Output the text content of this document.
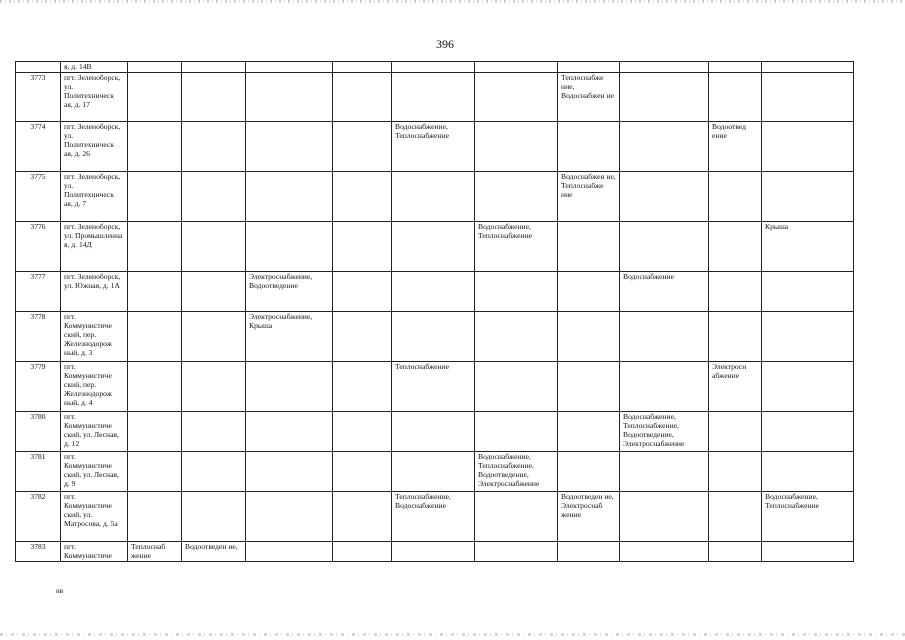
396
	я, д. 14В										
3773	пгт. Зеленоборск, ул. Политехническ ая, д. 17							Теплоснабже ние, Водоснабжен ие			
3774	пгт. Зеленоборск, ул. Политехническ ая, д. 26					Водоснабжение, Теплоснабжение				Водоотвед ение	
3775	пгт. Зеленоборск, ул. Политехническ ая, д. 7							Водоснабжен ие, Теплоснабже ние			
3776	пгт. Зеленоборск, ул. Промышленна я, д. 14Д						Водоснабжение, Теплоснабжение				Крыша
3777	пгт. Зеленоборск, ул. Южная, д. 1А			Электроснабжение, Водоотведение					Водоснабжение		
3778	пгт. Коммунистиче ский, пер. Железнодорож ный, д. 3			Электроснабжение, Крыша							
3779	пгт. Коммунистиче ский, пер. Железнодорож ный, д. 4					Теплоснабжение				Электросн абжение	
3780	пгт. Коммунистиче ский, ул. Лесная, д. 12								Водоснабжение, Теплоснабжение, Водоотведение, Электроснабжение		
3781	пгт. Коммунистиче ский, ул. Лесная, д. 9						Водоснабжение, Теплоснабжение, Водоотведение, Электроснабжение				
3782	пгт. Коммунистиче ский, ул. Матросова, д. 5а					Теплоснабжение, Водоснабжение		Водоотведен ие, Электроснаб жение			Водоснабжение, Теплоснабжение
3783	пгт. Коммунистиче	Теплоснаб жение	Водоотведен ие,								
нв
